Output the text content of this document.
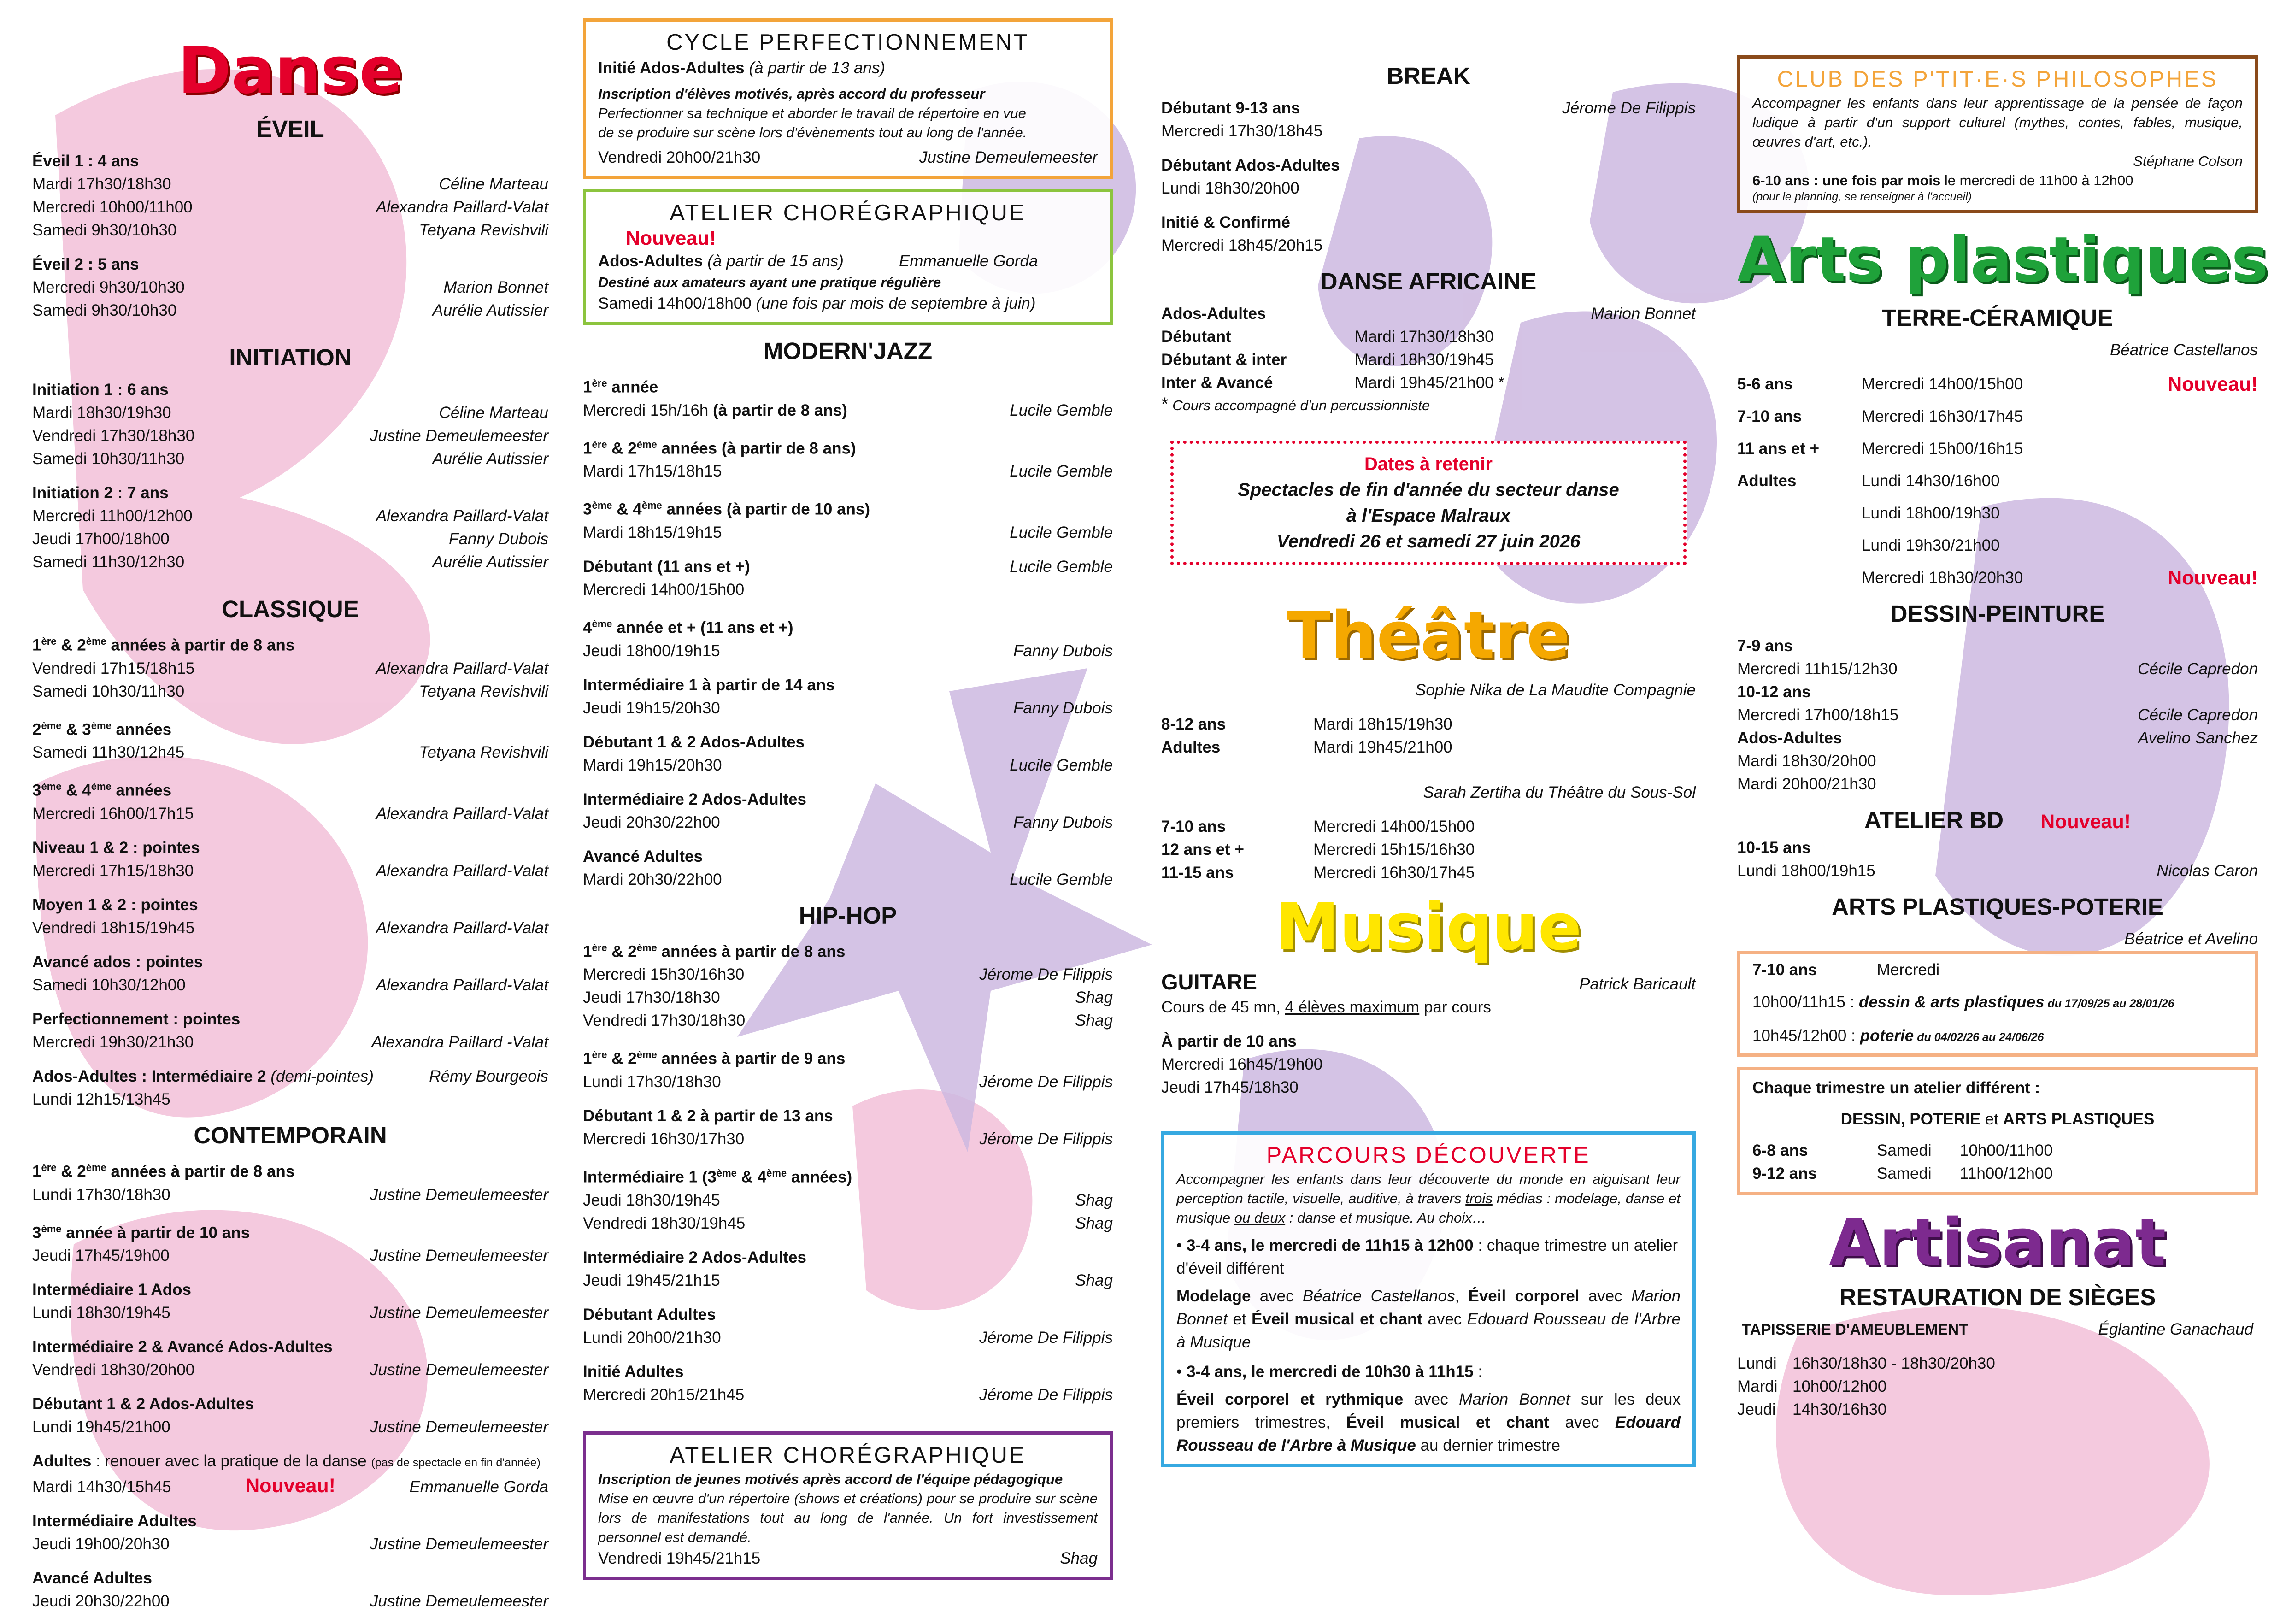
Danse
ÉVEIL
Éveil 1 : 4 ans
Mardi 17h30/18h30	Céline Marteau
Mercredi 10h00/11h00	Alexandra Paillard-Valat
Samedi 9h30/10h30	Tetyana Revishvili
Éveil 2 : 5 ans
Mercredi 9h30/10h30	Marion Bonnet
Samedi 9h30/10h30	Aurélie Autissier
INITIATION
Initiation 1 : 6 ans
Mardi 18h30/19h30	Céline Marteau
Vendredi 17h30/18h30	Justine Demeulemeester
Samedi 10h30/11h30	Aurélie Autissier
Initiation 2 : 7 ans
Mercredi 11h00/12h00	Alexandra Paillard-Valat
Jeudi 17h00/18h00	Fanny Dubois
Samedi 11h30/12h30	Aurélie Autissier
CLASSIQUE
1ère & 2ème années à partir de 8 ans
Vendredi 17h15/18h15	Alexandra Paillard-Valat
Samedi 10h30/11h30	Tetyana Revishvili
2ème & 3ème années
Samedi 11h30/12h45	Tetyana Revishvili
3ème & 4ème années
Mercredi 16h00/17h15	Alexandra Paillard-Valat
Niveau 1 & 2 : pointes
Mercredi 17h15/18h30	Alexandra Paillard-Valat
Moyen 1 & 2 : pointes
Vendredi 18h15/19h45	Alexandra Paillard-Valat
Avancé ados : pointes
Samedi 10h30/12h00	Alexandra Paillard-Valat
Perfectionnement : pointes
Mercredi 19h30/21h30	Alexandra Paillard -Valat
Ados-Adultes : Intermédiaire 2 (demi-pointes)	Rémy Bourgeois
Lundi 12h15/13h45
CONTEMPORAIN
1ère & 2ème années à partir de 8 ans
Lundi 17h30/18h30	Justine Demeulemeester
3ème année à partir de 10 ans
Jeudi 17h45/19h00	Justine Demeulemeester
Intermédiaire 1 Ados
Lundi 18h30/19h45	Justine Demeulemeester
Intermédiaire 2 & Avancé Ados-Adultes
Vendredi 18h30/20h00	Justine Demeulemeester
Débutant 1 & 2 Ados-Adultes
Lundi 19h45/21h00	Justine Demeulemeester
Adultes : renouer avec la pratique de la danse (pas de spectacle en fin d'année)
Mardi 14h30/15h45	Nouveau!	Emmanuelle Gorda
Intermédiaire Adultes
Jeudi 19h00/20h30	Justine Demeulemeester
Avancé Adultes
Jeudi 20h30/22h00	Justine Demeulemeester
CYCLE PERFECTIONNEMENT
Initié Ados-Adultes (à partir de 13 ans)
Inscription d'élèves motivés, après accord du professeur
Perfectionner sa technique et aborder le travail de répertoire en vue
de se produire sur scène lors d'évènements tout au long de l'année.
Vendredi 20h00/21h30	Justine Demeulemeester
ATELIER CHORÉGRAPHIQUE
Nouveau!
Ados-Adultes (à partir de 15 ans)	Emmanuelle Gorda
Destiné aux amateurs ayant une pratique régulière
Samedi 14h00/18h00 (une fois par mois de septembre à juin)
MODERN'JAZZ
1ère année
Mercredi 15h/16h (à partir de 8 ans)	Lucile Gemble
1ère & 2ème années (à partir de 8 ans)
Mardi 17h15/18h15	Lucile Gemble
3ème & 4ème années (à partir de 10 ans)
Mardi 18h15/19h15	Lucile Gemble
Débutant (11 ans et +)	Lucile Gemble
Mercredi 14h00/15h00
4ème année et + (11 ans et +)
Jeudi 18h00/19h15	Fanny Dubois
Intermédiaire 1 à partir de 14 ans
Jeudi 19h15/20h30	Fanny Dubois
Débutant 1 & 2 Ados-Adultes
Mardi 19h15/20h30	Lucile Gemble
Intermédiaire 2 Ados-Adultes
Jeudi 20h30/22h00	Fanny Dubois
Avancé Adultes
Mardi 20h30/22h00	Lucile Gemble
HIP-HOP
1ère & 2ème années à partir de 8 ans
Mercredi 15h30/16h30	Jérome De Filippis
Jeudi 17h30/18h30	Shag
Vendredi 17h30/18h30	Shag
1ère & 2ème années à partir de 9 ans
Lundi 17h30/18h30	Jérome De Filippis
Débutant 1 & 2 à partir de 13 ans
Mercredi 16h30/17h30	Jérome De Filippis
Intermédiaire 1 (3ème & 4ème années)
Jeudi 18h30/19h45	Shag
Vendredi 18h30/19h45	Shag
Intermédiaire 2 Ados-Adultes
Jeudi 19h45/21h15	Shag
Débutant Adultes
Lundi 20h00/21h30	Jérome De Filippis
Initié Adultes
Mercredi 20h15/21h45	Jérome De Filippis
ATELIER CHORÉGRAPHIQUE
Inscription de jeunes motivés après accord de l'équipe pédagogique
Mise en œuvre d'un répertoire (shows et créations) pour se produire sur scène lors de manifestations tout au long de l'année. Un fort investissement personnel est demandé.
Vendredi 19h45/21h15	Shag
BREAK
Débutant 9-13 ans	Jérome De Filippis
Mercredi 17h30/18h45
Débutant Ados-Adultes
Lundi 18h30/20h00
Initié & Confirmé
Mercredi 18h45/20h15
DANSE AFRICAINE
Ados-Adultes	Marion Bonnet
Débutant	Mardi 17h30/18h30
Débutant & inter	Mardi 18h30/19h45
Inter & Avancé	Mardi 19h45/21h00 *
* Cours accompagné d'un percussionniste
Dates à retenir
Spectacles de fin d'année du secteur danse
à l'Espace Malraux
Vendredi 26 et samedi 27 juin 2026
Théâtre
Sophie Nika de La Maudite Compagnie
8-12 ans	Mardi 18h15/19h30
Adultes	Mardi 19h45/21h00
Sarah Zertiha du Théâtre du Sous-Sol
7-10 ans	Mercredi 14h00/15h00
12 ans et +	Mercredi 15h15/16h30
11-15 ans	Mercredi 16h30/17h45
Musique
GUITARE	Patrick Baricault
Cours de 45 mn, 4 élèves maximum par cours
À partir de 10 ans
Mercredi 16h45/19h00
Jeudi 17h45/18h30
PARCOURS DÉCOUVERTE
Accompagner les enfants dans leur découverte du monde en aiguisant leur perception tactile, visuelle, auditive, à travers trois médias : modelage, danse et musique ou deux : danse et musique. Au choix…
• 3-4 ans, le mercredi de 11h15 à 12h00 : chaque trimestre un atelier d'éveil différent
Modelage avec Béatrice Castellanos, Éveil corporel avec Marion Bonnet et Éveil musical et chant avec Edouard Rousseau de l'Arbre à Musique
• 3-4 ans, le mercredi de 10h30 à 11h15 :
Éveil corporel et rythmique avec Marion Bonnet sur les deux premiers trimestres, Éveil musical et chant avec Edouard Rousseau de l'Arbre à Musique au dernier trimestre
CLUB DES P'TIT·E·S PHILOSOPHES
Accompagner les enfants dans leur apprentissage de la pensée de façon ludique à partir d'un support culturel (mythes, contes, fables, musique, œuvres d'art, etc.).
Stéphane Colson
6-10 ans : une fois par mois le mercredi de 11h00 à 12h00
(pour le planning, se renseigner à l'accueil)
Arts plastiques
TERRE-CÉRAMIQUE
Béatrice Castellanos
5-6 ans	Mercredi 14h00/15h00	Nouveau!
7-10 ans	Mercredi 16h30/17h45
11 ans et +	Mercredi 15h00/16h15
Adultes	Lundi 14h30/16h00
Lundi 18h00/19h30
Lundi 19h30/21h00
Mercredi 18h30/20h30	Nouveau!
DESSIN-PEINTURE
7-9 ans
Mercredi 11h15/12h30	Cécile Capredon
10-12 ans
Mercredi 17h00/18h15	Cécile Capredon
Ados-Adultes	Avelino Sanchez
Mardi 18h30/20h00
Mardi 20h00/21h30
ATELIER BD Nouveau!
10-15 ans
Lundi 18h00/19h15	Nicolas Caron
ARTS PLASTIQUES-POTERIE
Béatrice et Avelino
7-10 ans	Mercredi
10h00/11h15 : dessin & arts plastiques du 17/09/25 au 28/01/26
10h45/12h00 : poterie du 04/02/26 au 24/06/26
Chaque trimestre un atelier différent :
DESSIN, POTERIE et ARTS PLASTIQUES
6-8 ans	Samedi	10h00/11h00
9-12 ans	Samedi	11h00/12h00
Artisanat
RESTAURATION DE SIÈGES
TAPISSERIE D'AMEUBLEMENT	Églantine Ganachaud
Lundi 16h30/18h30 - 18h30/20h30
Mardi 10h00/12h00
Jeudi	14h30/16h30
